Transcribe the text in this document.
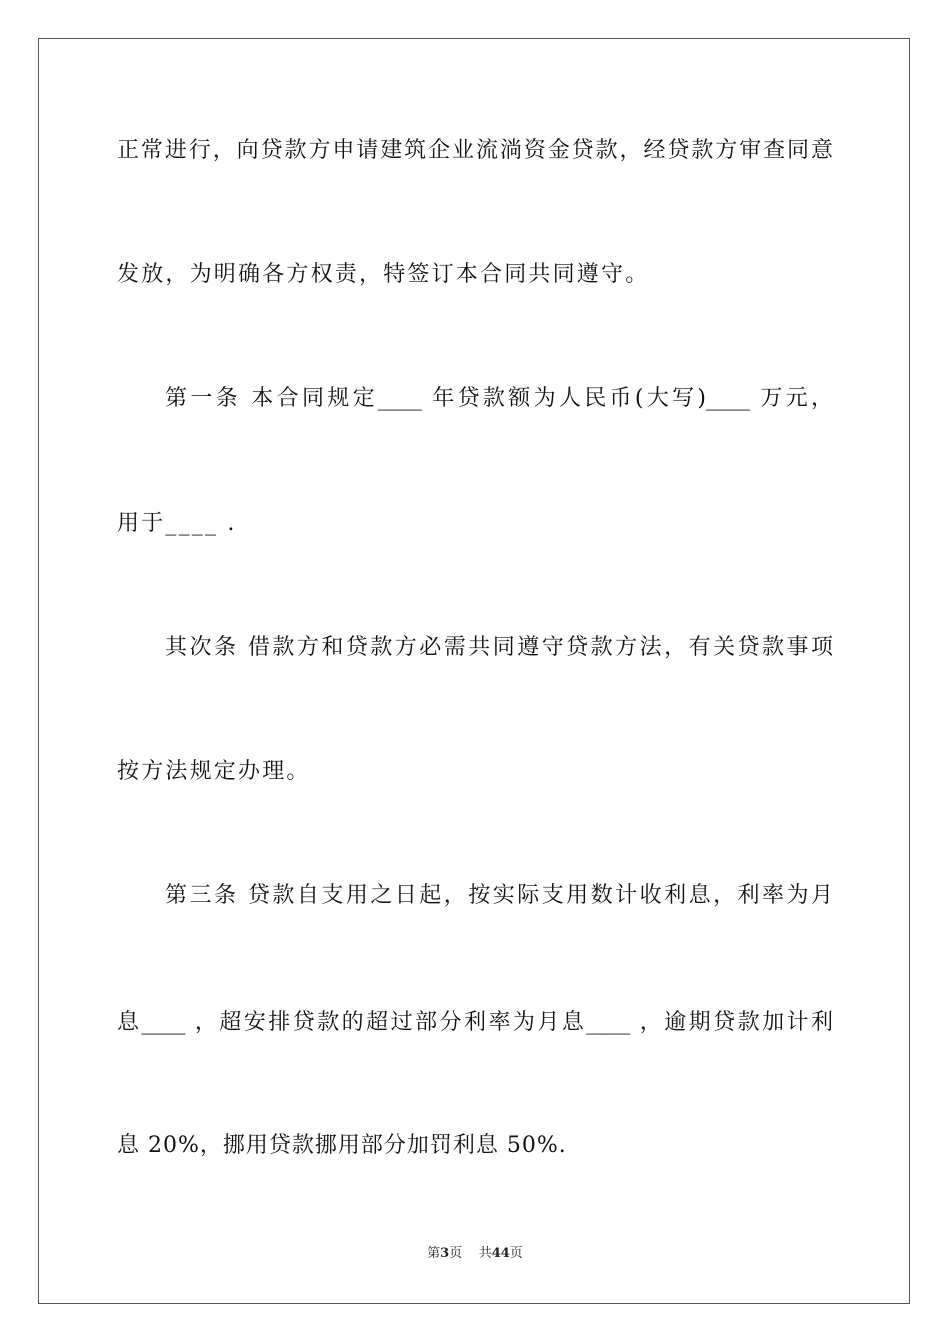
正常进行，向贷款方申请建筑企业流淌资金贷款，经贷款方审查同意
发放，为明确各方权责，特签订本合同共同遵守。
第一条 本合同规定____ 年贷款额为人民币(大写)____ 万元，
用于____ .
其次条 借款方和贷款方必需共同遵守贷款方法，有关贷款事项
按方法规定办理。
第三条 贷款自支用之日起，按实际支用数计收利息，利率为月
息____ ，超安排贷款的超过部分利率为月息____ ，逾期贷款加计利
息 20%，挪用贷款挪用部分加罚利息 50%.
第3页 共44页
